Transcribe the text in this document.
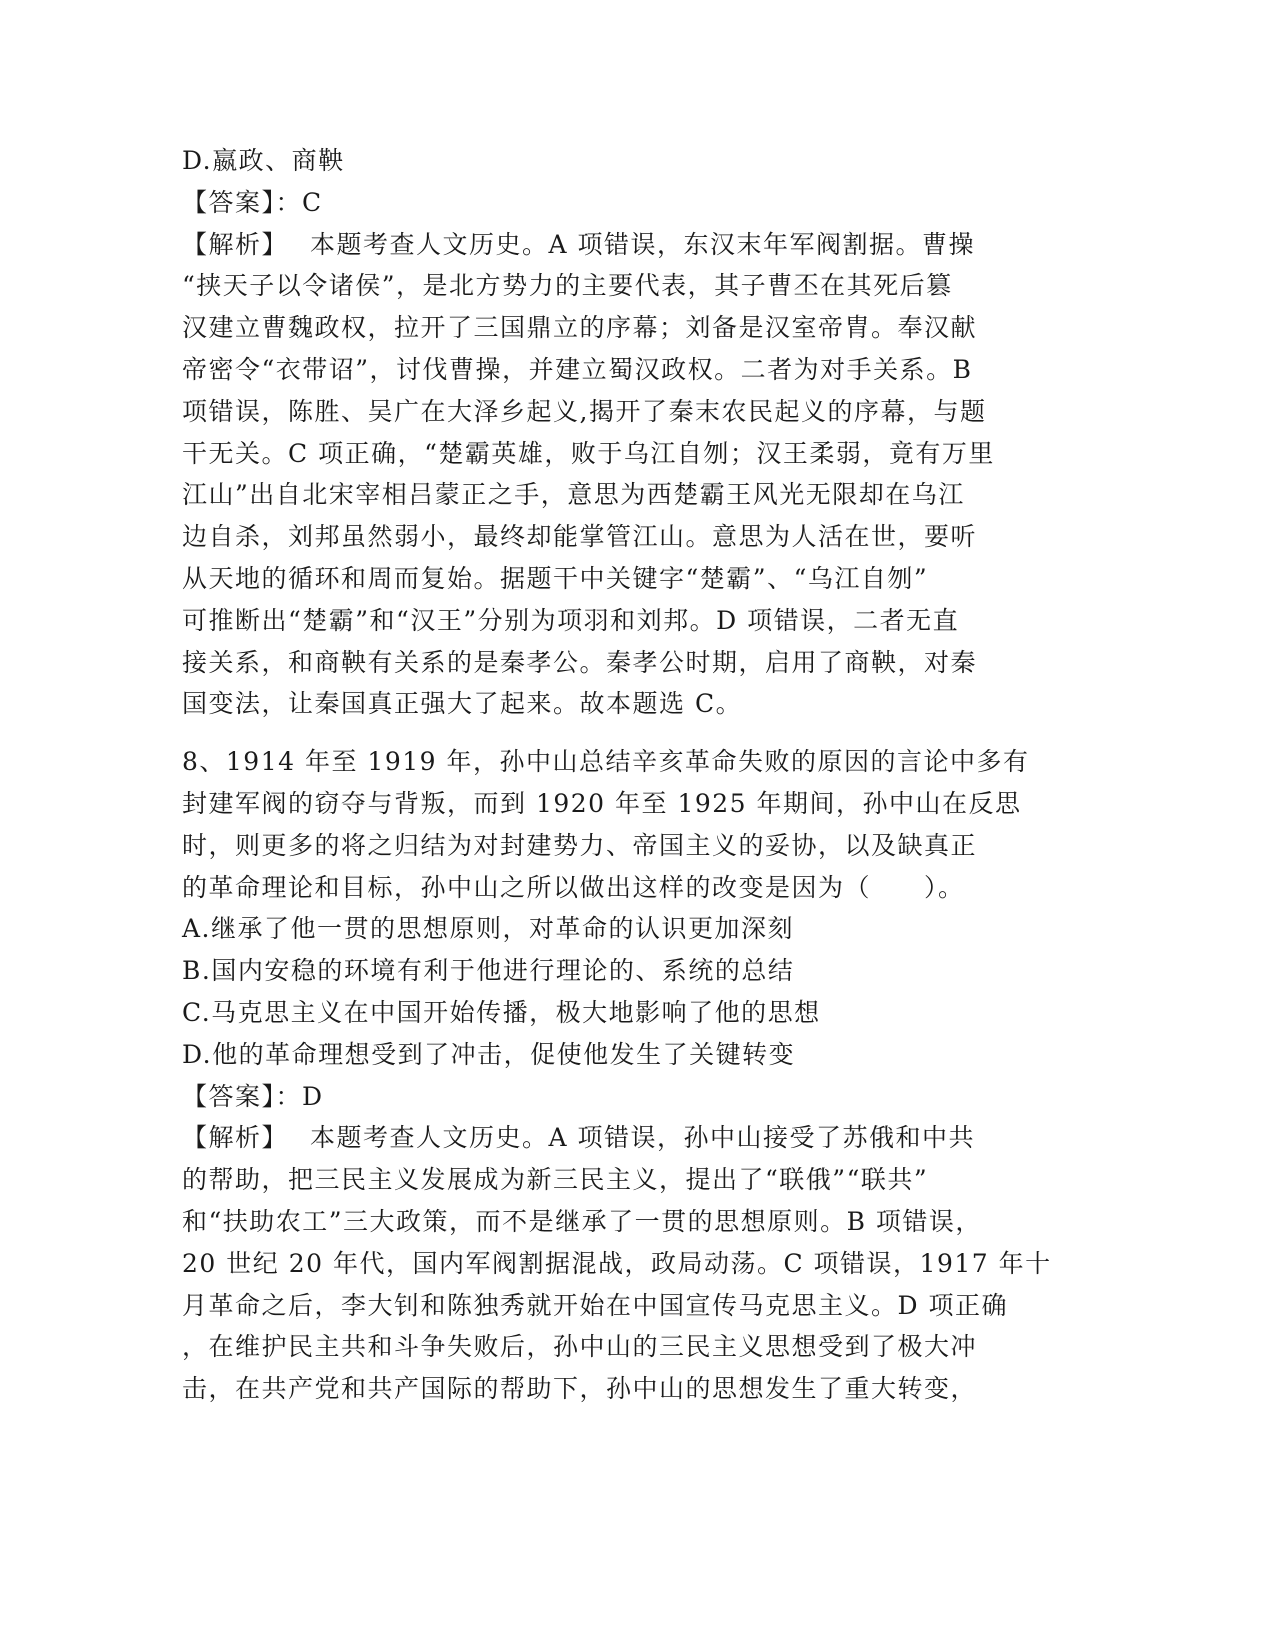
D.嬴政、商鞅
【答案】：C
【解析】 本题考查人文历史。A 项错误，东汉末年军阀割据。曹操
“挟天子以令诸侯”，是北方势力的主要代表，其子曹丕在其死后篡
汉建立曹魏政权，拉开了三国鼎立的序幕；刘备是汉室帝胄。奉汉献
帝密令“衣带诏”，讨伐曹操，并建立蜀汉政权。二者为对手关系。B
项错误，陈胜、吴广在大泽乡起义,揭开了秦末农民起义的序幕，与题
干无关。C 项正确，“楚霸英雄，败于乌江自刎；汉王柔弱，竟有万里
江山”出自北宋宰相吕蒙正之手，意思为西楚霸王风光无限却在乌江
边自杀，刘邦虽然弱小，最终却能掌管江山。意思为人活在世，要听
从天地的循环和周而复始。据题干中关键字“楚霸”、“乌江自刎”
可推断出“楚霸”和“汉王”分别为项羽和刘邦。D 项错误，二者无直
接关系，和商鞅有关系的是秦孝公。秦孝公时期，启用了商鞅，对秦
国变法，让秦国真正强大了起来。故本题选 C。
8、1914 年至 1919 年，孙中山总结辛亥革命失败的原因的言论中多有
封建军阀的窃夺与背叛，而到 1920 年至 1925 年期间，孙中山在反思
时，则更多的将之归结为对封建势力、帝国主义的妥协，以及缺真正
的革命理论和目标，孙中山之所以做出这样的改变是因为（　　）。
A.继承了他一贯的思想原则，对革命的认识更加深刻
B.国内安稳的环境有利于他进行理论的、系统的总结
C.马克思主义在中国开始传播，极大地影响了他的思想
D.他的革命理想受到了冲击，促使他发生了关键转变
【答案】：D
【解析】 本题考查人文历史。A 项错误，孙中山接受了苏俄和中共
的帮助，把三民主义发展成为新三民主义，提出了“联俄”“联共”
和“扶助农工”三大政策，而不是继承了一贯的思想原则。B 项错误，
20 世纪 20 年代，国内军阀割据混战，政局动荡。C 项错误，1917 年十
月革命之后，李大钊和陈独秀就开始在中国宣传马克思主义。D 项正确
，在维护民主共和斗争失败后，孙中山的三民主义思想受到了极大冲
击，在共产党和共产国际的帮助下，孙中山的思想发生了重大转变，
